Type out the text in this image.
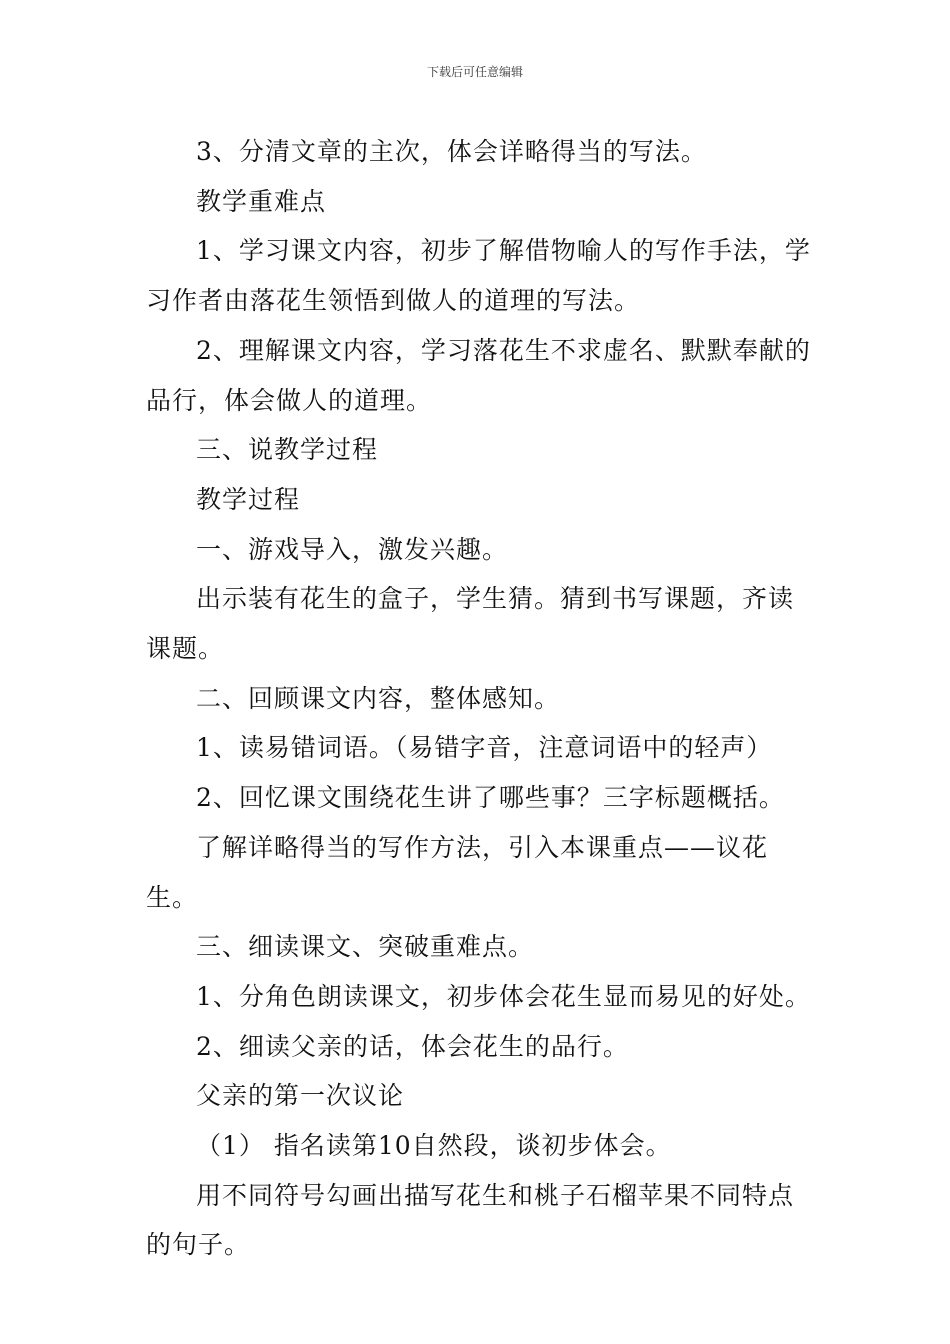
下载后可任意编辑

3、分清文章的主次，体会详略得当的写法。

教学重难点

1、学习课文内容，初步了解借物喻人的写作手法，学习作者由落花生领悟到做人的道理的写法。

2、理解课文内容，学习落花生不求虚名、默默奉献的品行，体会做人的道理。

三、说教学过程

教学过程

一、游戏导入，激发兴趣。

出示装有花生的盒子，学生猜。猜到书写课题，齐读课题。

二、回顾课文内容，整体感知。

1、读易错词语。（易错字音，注意词语中的轻声）

2、回忆课文围绕花生讲了哪些事？三字标题概括。

了解详略得当的写作方法，引入本课重点——议花生。

三、细读课文、突破重难点。

1、分角色朗读课文，初步体会花生显而易见的好处。

2、细读父亲的话，体会花生的品行。

父亲的第一次议论

（1） 指名读第10自然段，谈初步体会。

用不同符号勾画出描写花生和桃子石榴苹果不同特点的句子。
